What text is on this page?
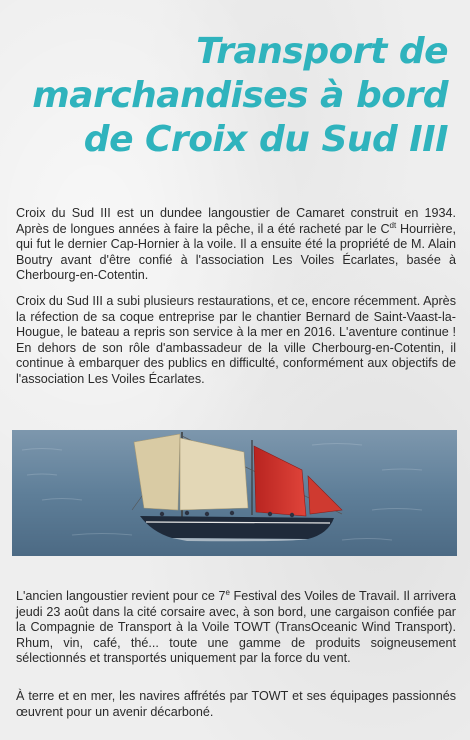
Transport de
marchandises à bord
de Croix du Sud III

Croix du Sud III est un dundee langoustier de Camaret construit en 1934. Après de longues années à faire la pêche, il a été racheté par le $C^{dt}$ Hourrière, qui fut le dernier Cap-Hornier à la voile. Il a ensuite été la propriété de M. Alain Boutry avant d'être confié à l'association Les Voiles Écarlates, basée à Cherbourg-en-Cotentin.

Croix du Sud III a subi plusieurs restaurations, et ce, encore récemment. Après la réfection de sa coque entreprise par le chantier Bernard de Saint-Vaast-la-Hougue, le bateau a repris son service à la mer en 2016. L'aventure continue ! En dehors de son rôle d'ambassadeur de la ville Cherbourg-en-Cotentin, il continue à embarquer des publics en difficulté, conformément aux objectifs de l'association Les Voiles Écarlates.

L'ancien langoustier revient pour ce 7e Festival des Voiles de Travail. Il arrivera jeudi 23 août dans la cité corsaire avec, à son bord, une cargaison confiée par la Compagnie de Transport à la Voile TOWT (TransOceanic Wind Transport). Rhum, vin, café, thé... toute une gamme de produits soigneusement sélectionnés et transportés uniquement par la force du vent.

À terre et en mer, les navires affrétés par TOWT et ses équipages passionnés œuvrent pour un avenir décarboné.
